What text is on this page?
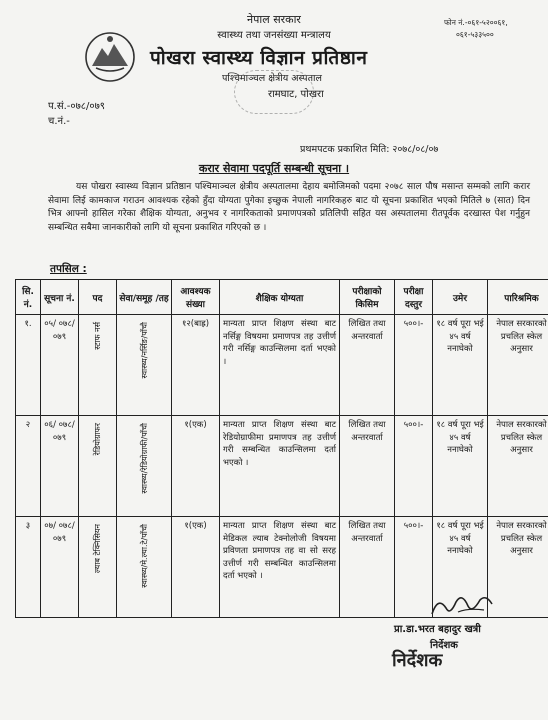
नेपाल सरकार
स्वास्थ्य तथा जनसंख्या मन्त्रालय
पोखरा स्वास्थ्य विज्ञान प्रतिष्ठान
पश्चिमाञ्चल क्षेत्रीय अस्पताल
रामघाट, पोखरा
फोन नं.-०६१-५२००६१,
०६१-५३३५००
प.सं.-०७८/०७९
च.नं.-
प्रथमपटक प्रकाशित मिति: २०७८/०८/०७
करार सेवामा पदपूर्ति सम्बन्धी सूचना ।
यस पोखरा स्वास्थ्य विज्ञान प्रतिष्ठान पश्चिमाञ्चल क्षेत्रीय अस्पतालमा देहाय बमोजिमको पदमा २०७८ साल पौष मसान्त सम्मको लागि करार सेवामा लिई कामकाज गराउन आवश्यक रहेको हुँदा योग्यता पुगेका इच्छुक नेपाली नागरिकहरु बाट यो सूचना प्रकाशित भएको मितिले ७ (सात) दिन भित्र आफ्नो हासिल गरेका शैक्षिक योग्यता, अनुभव र नागरिकताको प्रमाणपत्रको प्रतिलिपी सहित यस अस्पतालमा रीतपूर्वक दरखास्त पेश गर्नुहुन सम्बन्धित सबैमा जानकारीको लागि यो सूचना प्रकाशित गरिएको छ ।
तपसिल :
सि. नं.	सूचना नं.	पद	सेवा/समूह /तह	आवश्यक संख्या	शैक्षिक योग्यता	परीक्षाको किसिम	परीक्षा दस्तुर	उमेर	पारिश्रमिक
१.	०५/ ०७८/ ०७९	स्टाफ नर्स	स्वास्थ्य/नर्सिङ/पाँचौ	१२(बाह्र)	मान्यता प्राप्त शिक्षण संस्था बाट नर्सिङ्ग विषयमा प्रमाणपत्र तह उत्तीर्ण गरी नर्सिङ्ग काउन्सिलमा दर्ता भएको ।	लिखित तथा अन्तरवार्ता	५००।-	१८ वर्ष पूरा भई ४५ वर्ष ननाघेको	नेपाल सरकारको प्रचलित स्केल अनुसार
२	०६/ ०७८/ ०७९	रेडियोग्राफर	स्वास्थ्य/रेडियोग्राफी/पाँचौ	१(एक)	मान्यता प्राप्त शिक्षण संस्था बाट रेडियोग्राफीमा प्रमाणपत्र तह उत्तीर्ण गरी सम्बन्धित काउन्सिलमा दर्ता भएको ।	लिखित तथा अन्तरवार्ता	५००।-	१८ वर्ष पूरा भई ४५ वर्ष ननाघेको	नेपाल सरकारको प्रचलित स्केल अनुसार
३	०७/ ०७८/ ०७९	ल्याब टेक्निसियन	स्वास्थ्य/मे.ल्या.टे/पाँचौ	१(एक)	मान्यता प्राप्त शिक्षण संस्था बाट मेडिकल ल्याब टेक्नोलोजी विषयमा प्रविणता प्रमाणपत्र तह वा सो सरह उत्तीर्ण गरी सम्बन्धित काउन्सिलमा दर्ता भएको ।	लिखित तथा अन्तरवार्ता	५००।-	१८ वर्ष पूरा भई ४५ वर्ष ननाघेको	नेपाल सरकारको प्रचलित स्केल अनुसार
प्रा.डा.भरत बहादुर खत्री
निर्देशक
निर्देशक
